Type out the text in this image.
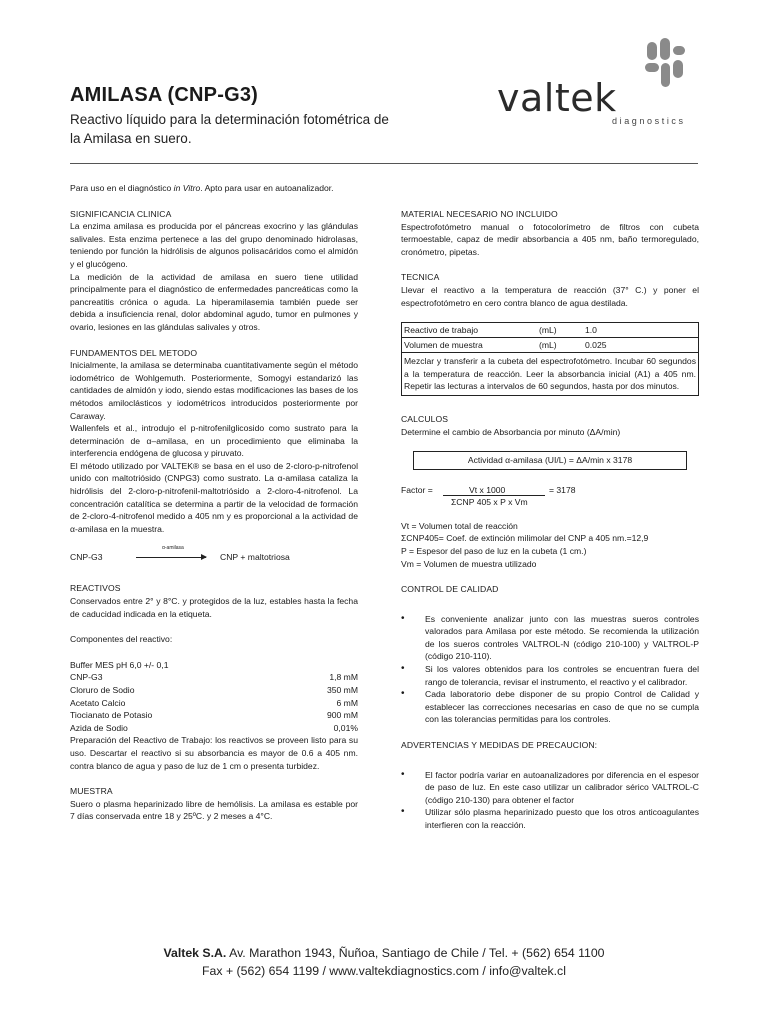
AMILASA (CNP-G3)
Reactivo líquido para la determinación fotométrica de la Amilasa en suero.
valtek
diagnostics

Para uso en el diagnóstico in Vitro. Apto para usar en autoanalizador.

SIGNIFICANCIA CLINICA

La enzima amilasa es producida por el páncreas exocrino y las glándulas salivales. Esta enzima pertenece a las del grupo denominado hidrolasas, teniendo por función la hidrólisis de algunos polisacáridos como el almidón y el glucógeno.

La medición de la actividad de amilasa en suero tiene utilidad principalmente para el diagnóstico de enfermedades pancreáticas como la pancreatitis crónica o aguda. La hiperamilasemia también puede ser debida a insuficiencia renal, dolor abdominal agudo, tumor en pulmones y ovario, lesiones en las glándulas salivales y otros.

FUNDAMENTOS DEL METODO

Inicialmente, la amilasa se determinaba cuantitativamente según el método iodométrico de Wohlgemuth. Posteriormente, Somogyi estandarizó las cantidades de almidón y iodo, siendo estas modificaciones las bases de los métodos amiloclásticos y iodométricos introducidos posteriormente por Caraway.

Wallenfels et al., introdujo el p-nitrofenilglicosido como sustrato para la determinación de α–amilasa, en un procedimiento que eliminaba la interferencia endógena de glucosa y piruvato.

El método utilizado por VALTEK® se basa en el uso de 2-cloro-p-nitrofenol unido con maltotriósido (CNPG3) como sustrato. La α-amilasa cataliza la hidrólisis del 2-cloro-p-nitrofenil-maltotriósido a 2-cloro-4-nitrofenol. La concentración catalítica se determina a partir de la velocidad de formación de 2-cloro-4-nitrofenol medido a 405 nm y es proporcional a la actividad de α-amilasa en la muestra.

CNP-G3
α-amilasa
CNP + maltotriosa
REACTIVOS

Conservados entre 2° y 8°C. y protegidos de la luz, estables hasta la fecha de caducidad indicada en la etiqueta.

Componentes del reactivo:
Buffer MES pH 6,0 +/- 0,1
CNP-G3	1,8 mM
Cloruro de Sodio	350 mM
Acetato Calcio	6 mM
Tiocianato de Potasio	900 mM
Azida de Sodio	0,01%

Preparación del Reactivo de Trabajo: los reactivos se proveen listo para su uso. Descartar el reactivo si su absorbancia es mayor de 0.6 a 405 nm. contra blanco de agua y paso de luz de 1 cm o presenta turbidez.

MUESTRA

Suero o plasma heparinizado libre de hemólisis. La amilasa es estable por 7 días conservada entre 18 y 25ºC. y 2 meses a 4°C.

MATERIAL NECESARIO NO INCLUIDO

Espectrofotómetro manual o fotocolorímetro de filtros con cubeta termoestable, capaz de medir absorbancia a 405 nm, baño termoregulado, cronómetro, pipetas.

TECNICA

Llevar el reactivo a la temperatura de reacción (37° C.) y poner el espectrofotómetro en cero contra blanco de agua destilada.

Reactivo de trabajo	(mL)	1.0

Volumen de muestra	(mL)	0.025

Mezclar y transferir a la cubeta del espectrofotómetro. Incubar 60 segundos a la temperatura de reacción. Leer la absorbancia inicial (A1) a 405 nm. Repetir las lecturas a intervalos de 60 segundos, hasta por dos minutos.

CALCULOS

Determine el cambio de Absorbancia por minuto (ΔA/min)

Actividad α-amilasa (UI/L) = ΔA/min x 3178
Factor =	Vt x 1000	= 3178
ΣCNP 405 x P x Vm
Vt = Volumen total de reacción
ΣCNP405= Coef. de extinción milimolar del CNP a 405 nm.=12,9
P = Espesor del paso de luz en la cubeta (1 cm.)
Vm = Volumen de muestra utilizado
CONTROL DE CALIDAD
• Es conveniente analizar junto con las muestras sueros controles valorados para Amilasa por este método. Se recomienda la utilización de los sueros controles VALTROL-N (código 210-100) y VALTROL-P (código 210-110).
• Si los valores obtenidos para los controles se encuentran fuera del rango de tolerancia, revisar el instrumento, el reactivo y el calibrador.
• Cada laboratorio debe disponer de su propio Control de Calidad y establecer las correcciones necesarias en caso de que no se cumpla con las tolerancias permitidas para los controles.
ADVERTENCIAS Y MEDIDAS DE PRECAUCION:
• El factor podría variar en autoanalizadores por diferencia en el espesor de paso de luz. En este caso utilizar un calibrador sérico VALTROL-C (código 210-130) para obtener el factor
• Utilizar sólo plasma heparinizado puesto que los otros anticoagulantes interfieren con la reacción.
Valtek S.A. Av. Marathon 1943, Ñuñoa, Santiago de Chile / Tel. + (562) 654 1100
Fax + (562) 654 1199 / www.valtekdiagnostics.com / info@valtek.cl
